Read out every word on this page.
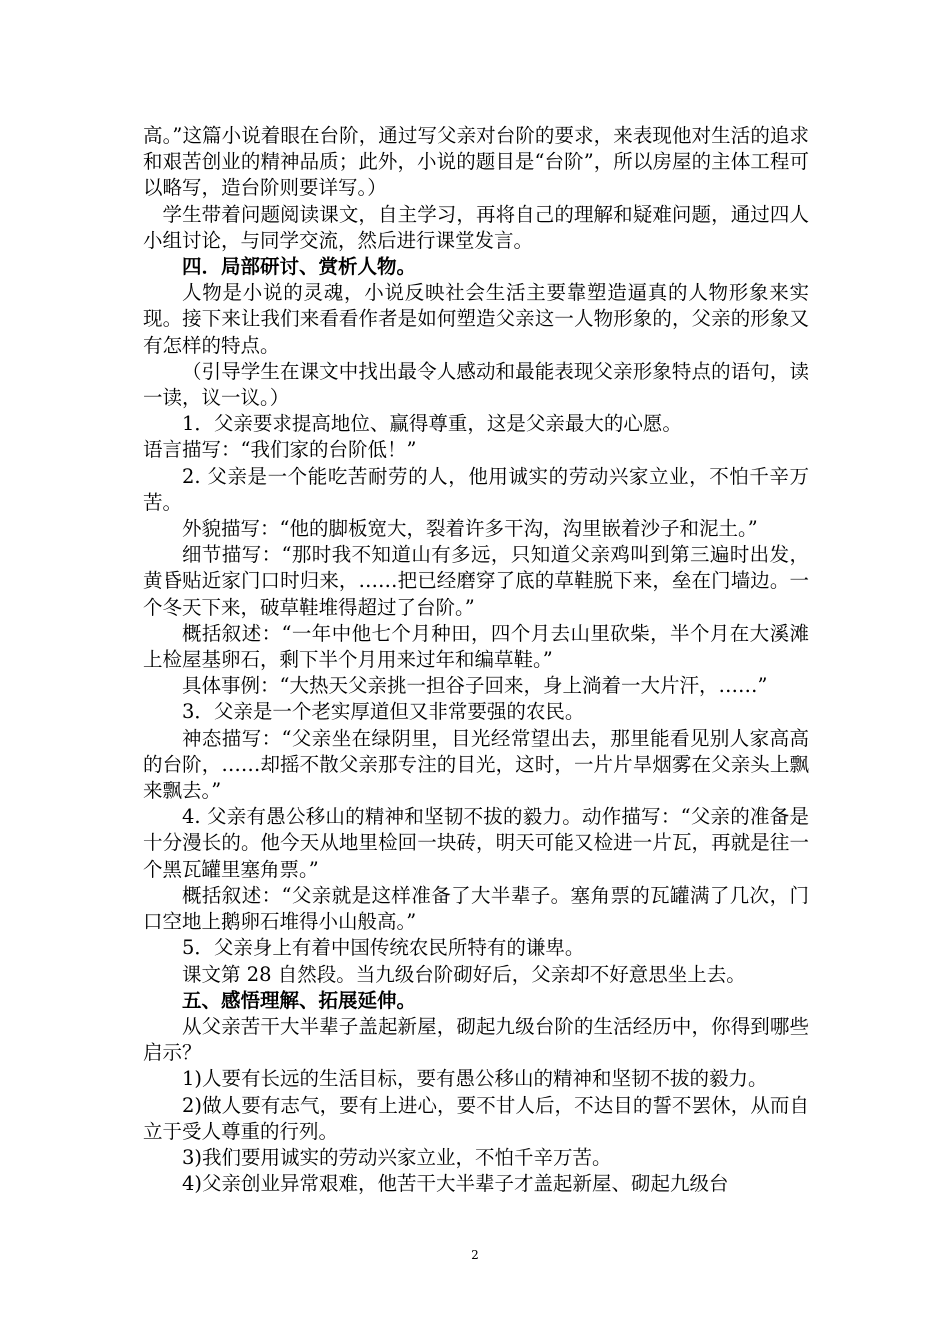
高。”这篇小说着眼在台阶，通过写父亲对台阶的要求，来表现他对生活的追求和艰苦创业的精神品质；此外，小说的题目是“台阶”，所以房屋的主体工程可以略写，造台阶则要详写。）

学生带着问题阅读课文，自主学习，再将自己的理解和疑难问题，通过四人小组讨论，与同学交流，然后进行课堂发言。

四．局部研讨、赏析人物。

人物是小说的灵魂，小说反映社会生活主要靠塑造逼真的人物形象来实现。接下来让我们来看看作者是如何塑造父亲这一人物形象的，父亲的形象又有怎样的特点。

（引导学生在课文中找出最令人感动和最能表现父亲形象特点的语句，读一读，议一议。）

1．父亲要求提高地位、赢得尊重，这是父亲最大的心愿。

语言描写：“我们家的台阶低！”

2. 父亲是一个能吃苦耐劳的人，他用诚实的劳动兴家立业，不怕千辛万苦。

外貌描写：“他的脚板宽大，裂着许多干沟，沟里嵌着沙子和泥土。”

细节描写：“那时我不知道山有多远，只知道父亲鸡叫到第三遍时出发，黄昏贴近家门口时归来，……把已经磨穿了底的草鞋脱下来，垒在门墙边。一个冬天下来，破草鞋堆得超过了台阶。”

概括叙述：“一年中他七个月种田，四个月去山里砍柴，半个月在大溪滩上检屋基卵石，剩下半个月用来过年和编草鞋。”

具体事例：“大热天父亲挑一担谷子回来，身上淌着一大片汗，……”

3．父亲是一个老实厚道但又非常要强的农民。

神态描写：“父亲坐在绿阴里，目光经常望出去，那里能看见别人家高高的台阶，……却摇不散父亲那专注的目光，这时，一片片旱烟雾在父亲头上飘来飘去。”

4. 父亲有愚公移山的精神和坚韧不拔的毅力。动作描写：“父亲的准备是十分漫长的。他今天从地里检回一块砖，明天可能又检进一片瓦，再就是往一个黑瓦罐里塞角票。”

概括叙述：“父亲就是这样准备了大半辈子。塞角票的瓦罐满了几次，门口空地上鹅卵石堆得小山般高。”

5．父亲身上有着中国传统农民所特有的谦卑。

课文第 28 自然段。当九级台阶砌好后，父亲却不好意思坐上去。

五、感悟理解、拓展延伸。

从父亲苦干大半辈子盖起新屋，砌起九级台阶的生活经历中，你得到哪些启示？

1)人要有长远的生活目标，要有愚公移山的精神和坚韧不拔的毅力。

2)做人要有志气，要有上进心，要不甘人后，不达目的誓不罢休，从而自立于受人尊重的行列。

3)我们要用诚实的劳动兴家立业，不怕千辛万苦。

4)父亲创业异常艰难，他苦干大半辈子才盖起新屋、砌起九级台

2
